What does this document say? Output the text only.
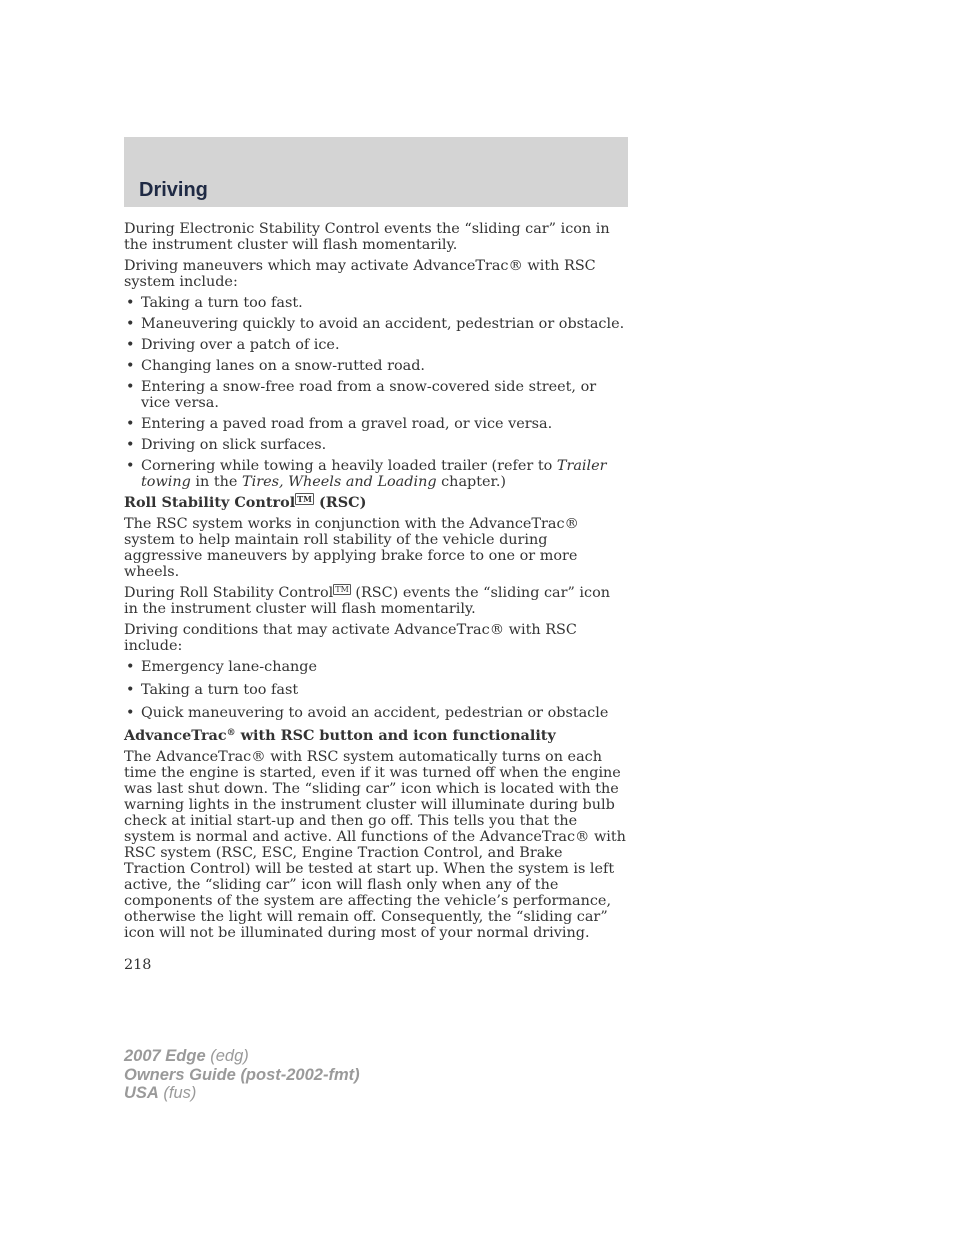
Driving

During Electronic Stability Control events the “sliding car” icon in the instrument cluster will flash momentarily.

Driving maneuvers which may activate AdvanceTrac® with RSC system include:

• Taking a turn too fast.
• Maneuvering quickly to avoid an accident, pedestrian or obstacle.
• Driving over a patch of ice.
• Changing lanes on a snow-rutted road.
• Entering a snow-free road from a snow-covered side street, or vice versa.
• Entering a paved road from a gravel road, or vice versa.
• Driving on slick surfaces.
• Cornering while towing a heavily loaded trailer (refer to Trailer towing in the Tires, Wheels and Loading chapter.)
Roll Stability Control ™ (RSC)

The RSC system works in conjunction with the AdvanceTrac® system to help maintain roll stability of the vehicle during aggressive maneuvers by applying brake force to one or more wheels.

During Roll Stability Control ™ (RSC) events the “sliding car” icon in the instrument cluster will flash momentarily.

Driving conditions that may activate AdvanceTrac® with RSC include:

• Emergency lane-change
• Taking a turn too fast
• Quick maneuvering to avoid an accident, pedestrian or obstacle
AdvanceTrac® with RSC button and icon functionality

The AdvanceTrac® with RSC system automatically turns on each time the engine is started, even if it was turned off when the engine was last shut down. The “sliding car” icon which is located with the warning lights in the instrument cluster will illuminate during bulb check at initial start-up and then go off. This tells you that the system is normal and active. All functions of the AdvanceTrac® with RSC system (RSC, ESC, Engine Traction Control, and Brake Traction Control) will be tested at start up. When the system is left active, the “sliding car” icon will flash only when any of the components of the system are affecting the vehicle’s performance, otherwise the light will remain off. Consequently, the “sliding car” icon will not be illuminated during most of your normal driving.

218
2007 Edge (edg)
Owners Guide (post-2002-fmt)
USA (fus)
